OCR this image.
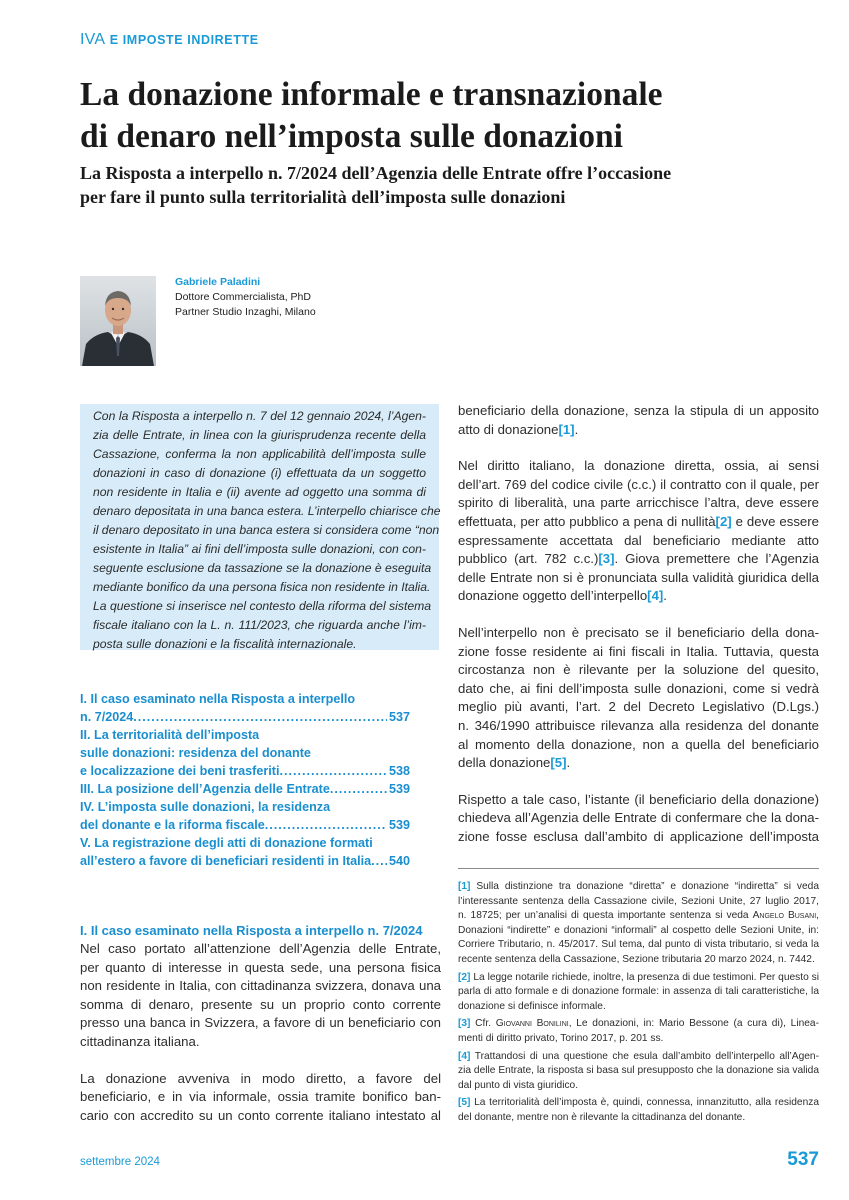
IVA E IMPOSTE INDIRETTE
La donazione informale e transnazionale
di denaro nell’imposta sulle donazioni
La Risposta a interpello n. 7/2024 dell’Agenzia delle Entrate offre l’occasione
per fare il punto sulla territorialità dell’imposta sulle donazioni
Gabriele Paladini
Dottore Commercialista, PhD
Partner Studio Inzaghi, Milano
Con la Risposta a interpello n. 7 del 12 gennaio 2024, l’Agen-
zia delle Entrate, in linea con la giurisprudenza recente della
Cassazione, conferma la non applicabilità dell’imposta sulle
donazioni in caso di donazione (i) effettuata da un soggetto
non residente in Italia e (ii) avente ad oggetto una somma di
denaro depositata in una banca estera. L’interpello chiarisce che
il denaro depositato in una banca estera si considera come “non
esistente in Italia” ai fini dell’imposta sulle donazioni, con con-
seguente esclusione da tassazione se la donazione è eseguita
mediante bonifico da una persona fisica non residente in Italia.
La questione si inserisce nel contesto della riforma del sistema
fiscale italiano con la L. n. 111/2023, che riguarda anche l’im-
posta sulle donazioni e la fiscalità internazionale.
I. Il caso esaminato nella Risposta a interpello
n. 7/2024 .....	537
II. La territorialità dell’imposta
sulle donazioni: residenza del donante
e localizzazione dei beni trasferiti .....	538
III. La posizione dell’Agenzia delle Entrate .....	539
IV. L’imposta sulle donazioni, la residenza
del donante e la riforma fiscale .....	539
V. La registrazione degli atti di donazione formati
all’estero a favore di beneficiari residenti in Italia ..... 540
I. Il caso esaminato nella Risposta a interpello n. 7/2024
Nel caso portato all’attenzione dell’Agenzia delle Entrate,
per quanto di interesse in questa sede, una persona fisica
non residente in Italia, con cittadinanza svizzera, donava una
somma di denaro, presente su un proprio conto corrente
presso una banca in Svizzera, a favore di un beneficiario con
cittadinanza italiana.
La donazione avveniva in modo diretto, a favore del
beneficiario, e in via informale, ossia tramite bonifico ban-
cario con accredito su un conto corrente italiano intestato al
beneficiario della donazione, senza la stipula di un apposito
atto di donazione[1].
Nel diritto italiano, la donazione diretta, ossia, ai sensi
dell’art. 769 del codice civile (c.c.) il contratto con il quale, per
spirito di liberalità, una parte arricchisce l’altra, deve essere
effettuata, per atto pubblico a pena di nullità[2] e deve essere
espressamente accettata dal beneficiario mediante atto
pubblico (art. 782 c.c.)[3]. Giova premettere che l’Agenzia
delle Entrate non si è pronunciata sulla validità giuridica della
donazione oggetto dell’interpello[4].
Nell’interpello non è precisato se il beneficiario della dona-
zione fosse residente ai fini fiscali in Italia. Tuttavia, questa
circostanza non è rilevante per la soluzione del quesito,
dato che, ai fini dell’imposta sulle donazioni, come si vedrà
meglio più avanti, l’art. 2 del Decreto Legislativo (D.Lgs.)
n. 346/1990 attribuisce rilevanza alla residenza del donante
al momento della donazione, non a quella del beneficiario
della donazione[5].
Rispetto a tale caso, l’istante (il beneficiario della donazione)
chiedeva all’Agenzia delle Entrate di confermare che la dona-
zione fosse esclusa dall’ambito di applicazione dell’imposta
[1] Sulla distinzione tra donazione “diretta” e donazione “indiretta” si veda
l’interessante sentenza della Cassazione civile, Sezioni Unite, 27 luglio 2017,
n. 18725; per un’analisi di questa importante sentenza si veda Angelo Busani,
Donazioni “indirette” e donazioni “informali” al cospetto delle Sezioni Unite, in:
Corriere Tributario, n. 45/2017. Sul tema, dal punto di vista tributario, si veda la
recente sentenza della Cassazione, Sezione tributaria 20 marzo 2024, n. 7442.
[2] La legge notarile richiede, inoltre, la presenza di due testimoni. Per questo si
parla di atto formale e di donazione formale: in assenza di tali caratteristiche, la
donazione si definisce informale.
[3] Cfr. Giovanni Bonilini, Le donazioni, in: Mario Bessone (a cura di), Linea-
menti di diritto privato, Torino 2017, p. 201 ss.
[4] Trattandosi di una questione che esula dall’ambito dell’interpello all’Agen-
zia delle Entrate, la risposta si basa sul presupposto che la donazione sia valida
dal punto di vista giuridico.
[5] La territorialità dell’imposta è, quindi, connessa, innanzitutto, alla residenza
del donante, mentre non è rilevante la cittadinanza del donante.
settembre 2024	537
